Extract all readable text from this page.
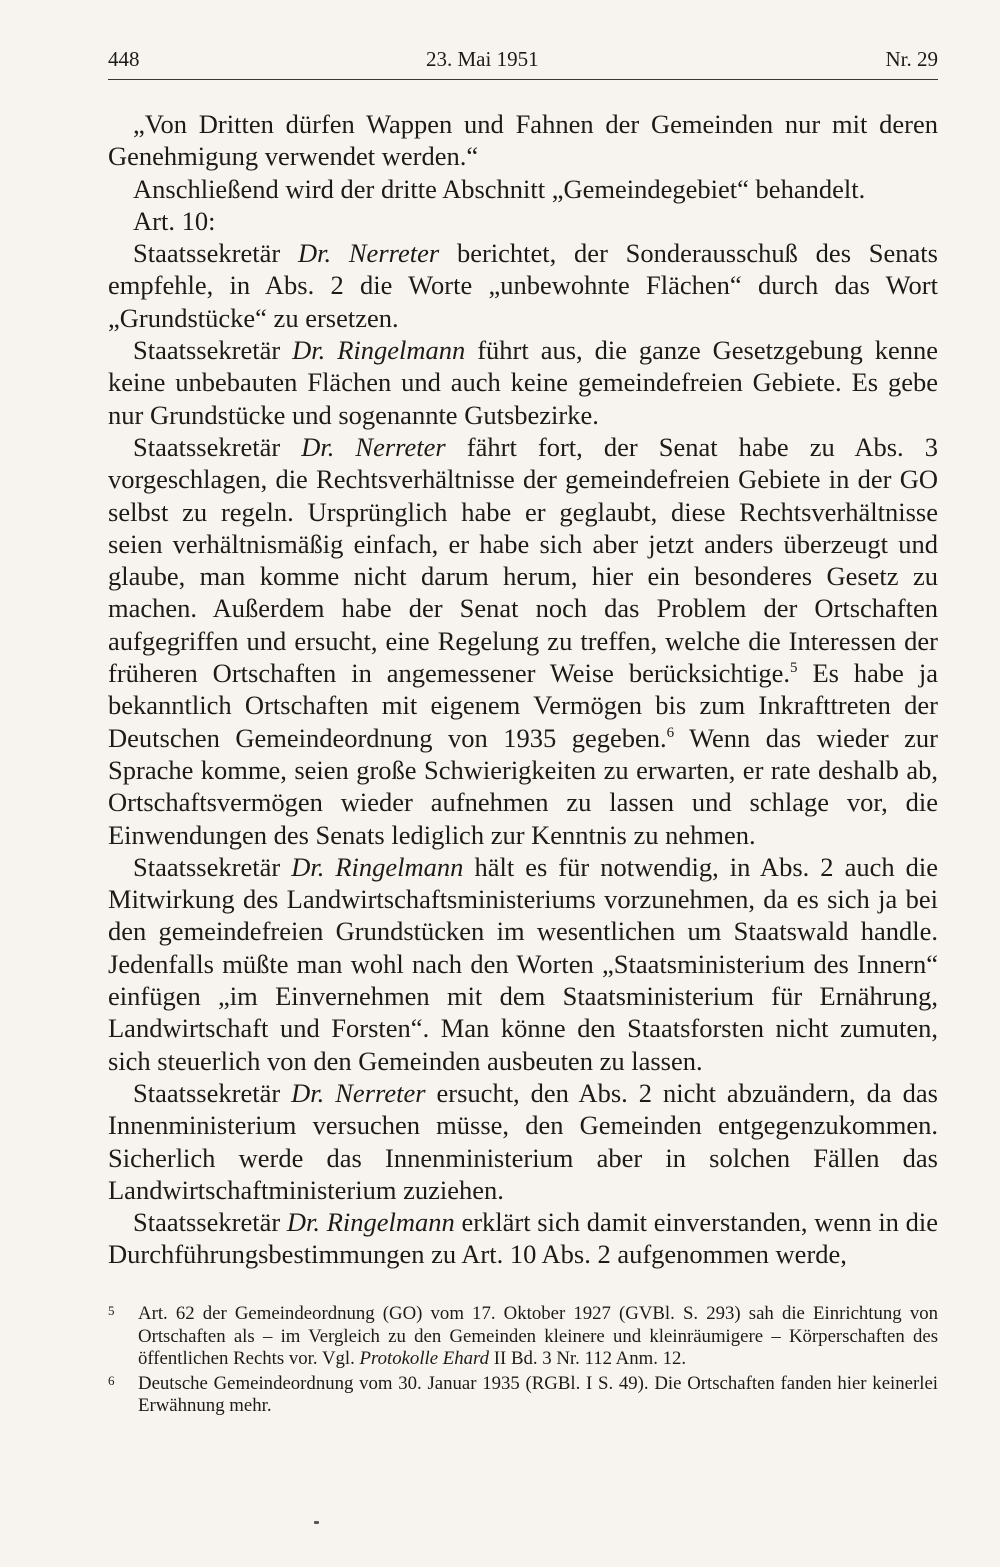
448	23. Mai 1951	Nr. 29

„Von Dritten dürfen Wappen und Fahnen der Gemeinden nur mit deren Genehmigung verwendet werden.“

Anschließend wird der dritte Abschnitt „Gemeindegebiet“ behandelt.

Art. 10:

Staatssekretär Dr. Nerreter berichtet, der Sonderausschuß des Senats empfehle, in Abs. 2 die Worte „unbewohnte Flächen“ durch das Wort „Grundstücke“ zu ersetzen.

Staatssekretär Dr. Ringelmann führt aus, die ganze Gesetzgebung kenne keine unbebauten Flächen und auch keine gemeindefreien Gebiete. Es gebe nur Grundstücke und sogenannte Gutsbezirke.

Staatssekretär Dr. Nerreter fährt fort, der Senat habe zu Abs. 3 vorgeschlagen, die Rechtsverhältnisse der gemeindefreien Gebiete in der GO selbst zu regeln. Ursprünglich habe er geglaubt, diese Rechtsverhältnisse seien verhältnismäßig einfach, er habe sich aber jetzt anders überzeugt und glaube, man komme nicht darum herum, hier ein besonderes Gesetz zu machen. Außerdem habe der Senat noch das Problem der Ortschaften aufgegriffen und ersucht, eine Regelung zu treffen, welche die Interessen der früheren Ortschaften in angemessener Weise berücksichtige.$^5$ Es habe ja bekanntlich Ortschaften mit eigenem Vermögen bis zum Inkrafttreten der Deutschen Gemeindeordnung von 1935 gegeben.$^6$ Wenn das wieder zur Sprache komme, seien große Schwierigkeiten zu erwarten, er rate deshalb ab, Ortschaftsvermögen wieder aufnehmen zu lassen und schlage vor, die Einwendungen des Senats lediglich zur Kenntnis zu nehmen.

Staatssekretär Dr. Ringelmann hält es für notwendig, in Abs. 2 auch die Mitwirkung des Landwirtschaftsministeriums vorzunehmen, da es sich ja bei den gemeindefreien Grundstücken im wesentlichen um Staatswald handle. Jedenfalls müßte man wohl nach den Worten „Staatsministerium des Innern“ einfügen „im Einvernehmen mit dem Staatsministerium für Ernährung, Landwirtschaft und Forsten“. Man könne den Staatsforsten nicht zumuten, sich steuerlich von den Gemeinden ausbeuten zu lassen.

Staatssekretär Dr. Nerreter ersucht, den Abs. 2 nicht abzuändern, da das Innenministerium versuchen müsse, den Gemeinden entgegenzukommen. Sicherlich werde das Innenministerium aber in solchen Fällen das Landwirtschaftministerium zuziehen.

Staatssekretär Dr. Ringelmann erklärt sich damit einverstanden, wenn in die Durchführungsbestimmungen zu Art. 10 Abs. 2 aufgenommen werde,

5 Art. 62 der Gemeindeordnung (GO) vom 17. Oktober 1927 (GVBl. S. 293) sah die Einrichtung von Ortschaften als – im Vergleich zu den Gemeinden kleinere und kleinräumigere – Körperschaften des öffentlichen Rechts vor. Vgl. Protokolle Ehard II Bd. 3 Nr. 112 Anm. 12.
6 Deutsche Gemeindeordnung vom 30. Januar 1935 (RGBl. I S. 49). Die Ortschaften fanden hier keinerlei Erwähnung mehr.
